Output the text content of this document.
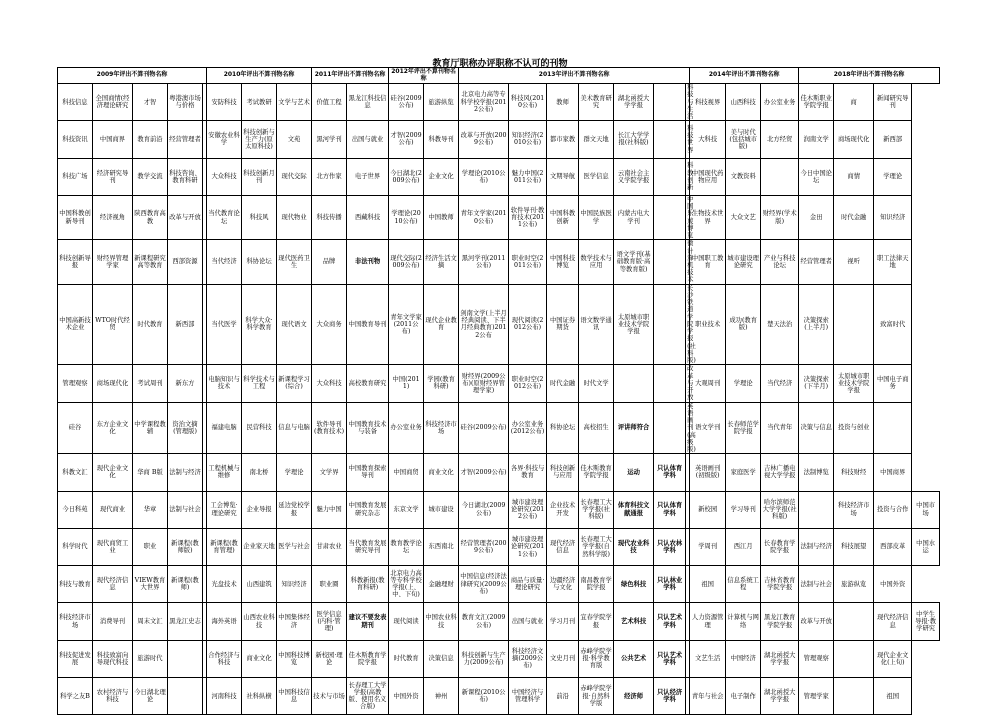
教育厅职称办评职称不认可的刊物
2009年评出不算刊物名称					2010年评出不算刊物名称			2011年评出不算刊物名称		2012年评出不算刊物名称		2013年评出不算刊物名称							2014年评出不算刊物名称			2018年评出不算刊物名称			
科技信息	全国商情(经济理论研究	才智	粤港澳市场与价格		安防科技	考试教研	文学与艺术	价值工程	黑龙江科技信息	硅谷(2009公布)	旅游纵览	北京电力高等专科学校学报(2012公布)	科技风(2010公布)	教师	美术教育研究	湖北函授大学学报		科技与生活	科技视界	山西科技	办公室业务	佳木斯职业学院学报	商	新闻研究导刊	
科技资讯	中国商界	教育前沿	经营管理者		安徽农业科学	科技创新与生产力(原太原科技)	文苑	黑河学刊	出国与就业	才智(2009公布)	科教导刊	改革与开放(2009公布)	知识经济(2010公布)	都市家教	群文天地	长江大学学报(社科版)		科技世界	大科技	美与时代(包括城市版)	北方经贸	润南文学	商场现代化	新西部	
科技广场	经济研究导刊	教学交流	科技咨询、教育科研		大众科技	科技创新月刊	现代交际	北方作家	电子世界	今日湖北(2009公布)	企业文化	学理论(2010公布)	魅力中国(2011公布)	文期导航	医学信息	云南社会主义学院学报		科教创新	中国现代药物应用	文教资料		今日中国论坛	商情	学理论	
中国科教创新导刊	经济视角	陕西教育高教	改革与开放		当代教育论坛	科技风	现代物业	科技传播	西藏科技	学理论(2010公布)	中国教师	青年文学家(2010公布)	软件导刊·教育技术(2011公布)	中国科教创新	中国民族医学	内蒙古电大学刊		中国乐蔑博览	生物技术世界	大众文艺	财经界(学术版)	金田	时代金融	知识经济	
科技创新导报	财经界管理学家	新课程研究高等教育	西部资源		当代经济	科协论坛	现代医药卫生	品牌	非法刊物	现代交际(2009公布)	经济生活文摘	黑河学刊(2011公布)	职业时空(2011公布)	中国科技博览	数学技术与应用	语文学刊(基础教育版·高等教育版)		微计算机技术	中国职工教育	城市建设理论研究	产业与科技论坛	经营管理者	视听	职工法律天地	
中国高新技术企业	WTO时代经贸	时代教育	新西部		当代医学	科学大众·科学教育	现代语文	大众商务	中国教育导刊	青年文学家(2011公布)	现代企业教育	剑南文学(上半月经典阅读、下半月经典教育)2012公布	现代阅读(2012公布)	中国证券期货	语文数学通讯	太原城市职业技术学院学报		长沙铁道学院学报(社科版)	职业技术	成功(教育版)	楚天法治	决策探索(上半月)		致富时代	
管理观察	商场现代化	考试周刊	新东方		电脑知识与技术	科学技术与工程	新课程学习(综合)	大众科技	高校教育研究	中国(2011)	学园(教育科研)	财经界(2009公布)(原财经界管理学家)	职业时空(2012公布)	时代金融	时代文学			改革与开放	大观周刊	学理论	当代经济	决策探索(下半月)	太原城市职业技术学院学报	中国电子商务	
硅谷	东方企业文化	中学课程教辅	资治文摘(管理版)		福建电脑	民营科技	信息与电脑	软件导刊(教育技术)	中国教育技术与装备	办公室业务	科技经济市场	硅谷(2009公布)	办公室业务(2012公布)	科协论坛	高校招生	评讲师符合		英语画刊(高级版)	语文学刊	长春师范学院学报	当代青年	决策与信息	投资与创业		
科教文汇	现代企业文化	华商 B版	法制与经济		工程机械与维修	南北桥	学理论	文学界	中国教育探索导刊	中国商贸	商业文化	才智(2009公布)	各界·科技与教育	科技创新与应用	佳木斯教育学院学报	运动	只认体育学科		英语画刊(初级版)	家庭医学	吉林广播电视大学学报	法制博览	科技财经	中国商界	
今日科苑	现代商业	华章	法制与社会		工会博览·理论研究	企业导报	延边党校学报	魅力中国	中国教育发展研究杂志	东京文学	城市建设	今日湖北(2009公布)	城市建设理论研究(2012公布)	企业技术开发	长春理工大学学报(社科版)	体育科技文献通报	只认体育学科		新校园	学习导刊	哈尔滨师范大学学报(社科版)		科技经济市场	投资与合作	中国市场
科学时代	现代商贸工业	职业	新课程(教师版)		新课程(教育管理)	企业家天地	医学与社会	甘肃农业	当代教育发展研究导刊	教育教学论坛	东西南北	经营管理者(2009公布)	城市建设理论研究(2011公布)	现代经济信息	长春理工大学学报(自然科学版)	现代农业科技	只认农林学科		学周刊	西江月	长春教育学院学报	法制与经济	科技展望	西部皮革	中国水运
科技与教育	现代经济信息	VIEW教育大世界	新课程(教师)		光盘技术	山西建筑	知识经济	职业圈	科教新报(教育科研)	北京电力高等专科学校学报(上、中、下旬)	金融理财	中国信息(经济法律研究)(2009公布)	商品与质量·理论研究	边疆经济与文化	南昌教育学院学报	绿色科技	只认林业学科		祖国	信息系统工程	吉林省教育学院学报	法制与社会	旅游纵览	中国外资	
科技经济市场	消费导刊	周末文汇	黑龙江史志		海外英语	山西农业科技	中国集体经济	医学信息(内科·管理)	建议不要发表期刊	现代阅读	中国农业科技	教育文汇(2009公布)	出国与就业	学习月刊	宜春学院学报	艺术科技	只认艺术学科		人力资源管理	计算机与网络	黑龙江教育学院学报	改革与开放		现代经济信息	中学生导报·教学研究
科技促进发展	科技致富向导现代科技	旅游时代			合作经济与科技	商业文化	中国科技博览	新校园·理论	佳木斯教育学院学报	时代教育	决策信息	科技创新与生产力(2009公布)	科技经济文摘(2009公布)	文史月刊	赤峰学院学报·科学教育版	公共艺术	只认艺术学科		文艺生活	中国经济	湖北函授大学学报	管理观察		现代企业文化(上旬)	
科学之友B	农村经济与科技	今日湖北理论			河南科技	社科纵横	中国科技信息	技术与市场	长春理工大学学报(高教版、使用名义合版)	中国外资	神州	新课程(2010公布)	中国经济与管理科学	前沿	赤峰学院学报·自然科学版	经济师	只认经济学科		青年与社会	电子制作	湖北函授大学学报	管理学家		祖国	
